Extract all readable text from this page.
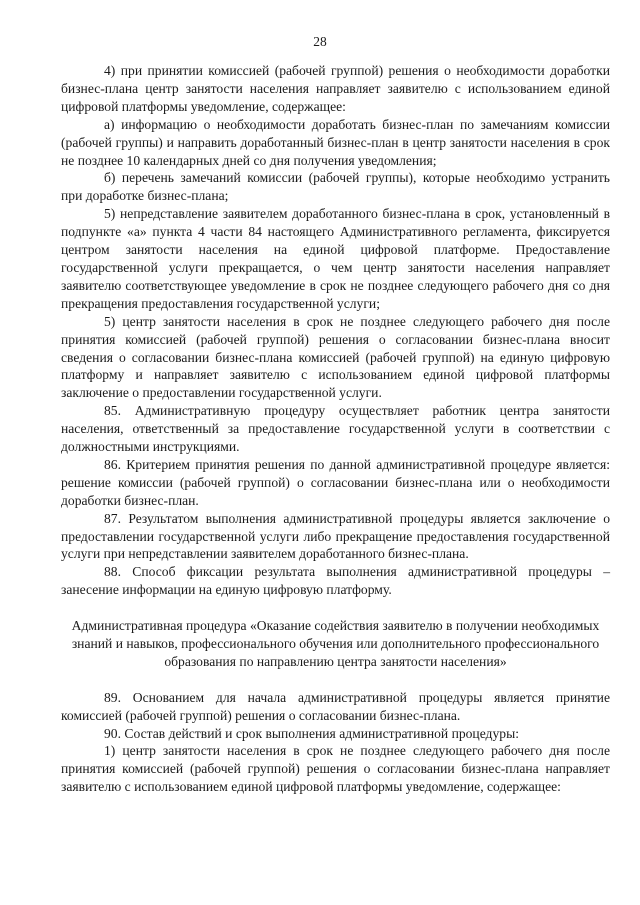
28

4) при принятии комиссией (рабочей группой) решения о необходимости доработки бизнес-плана центр занятости населения направляет заявителю с использованием единой цифровой платформы уведомление, содержащее:

а) информацию о необходимости доработать бизнес-план по замечаниям комиссии (рабочей группы) и направить доработанный бизнес-план в центр занятости населения в срок не позднее 10 календарных дней со дня получения уведомления;

б) перечень замечаний комиссии (рабочей группы), которые необходимо устранить при доработке бизнес-плана;

5) непредставление заявителем доработанного бизнес-плана в срок, установленный в подпункте «а» пункта 4 части 84 настоящего Административного регламента, фиксируется центром занятости населения на единой цифровой платформе. Предоставление государственной услуги прекращается, о чем центр занятости населения направляет заявителю соответствующее уведомление в срок не позднее следующего рабочего дня со дня прекращения предоставления государственной услуги;

5) центр занятости населения в срок не позднее следующего рабочего дня после принятия комиссией (рабочей группой) решения о согласовании бизнес-плана вносит сведения о согласовании бизнес-плана комиссией (рабочей группой) на единую цифровую платформу и направляет заявителю с использованием единой цифровой платформы заключение о предоставлении государственной услуги.

85. Административную процедуру осуществляет работник центра занятости населения, ответственный за предоставление государственной услуги в соответствии с должностными инструкциями.

86. Критерием принятия решения по данной административной процедуре является: решение комиссии (рабочей группой) о согласовании бизнес-плана или о необходимости доработки бизнес-план.

87. Результатом выполнения административной процедуры является заключение о предоставлении государственной услуги либо прекращение предоставления государственной услуги при непредставлении заявителем доработанного бизнес-плана.

88. Способ фиксации результата выполнения административной процедуры – занесение информации на единую цифровую платформу.

Административная процедура «Оказание содействия заявителю в получении необходимых знаний и навыков, профессионального обучения или дополнительного профессионального образования по направлению центра занятости населения»

89. Основанием для начала административной процедуры является принятие комиссией (рабочей группой) решения о согласовании бизнес-плана.

90. Состав действий и срок выполнения административной процедуры:

1) центр занятости населения в срок не позднее следующего рабочего дня после принятия комиссией (рабочей группой) решения о согласовании бизнес-плана направляет заявителю с использованием единой цифровой платформы уведомление, содержащее:
